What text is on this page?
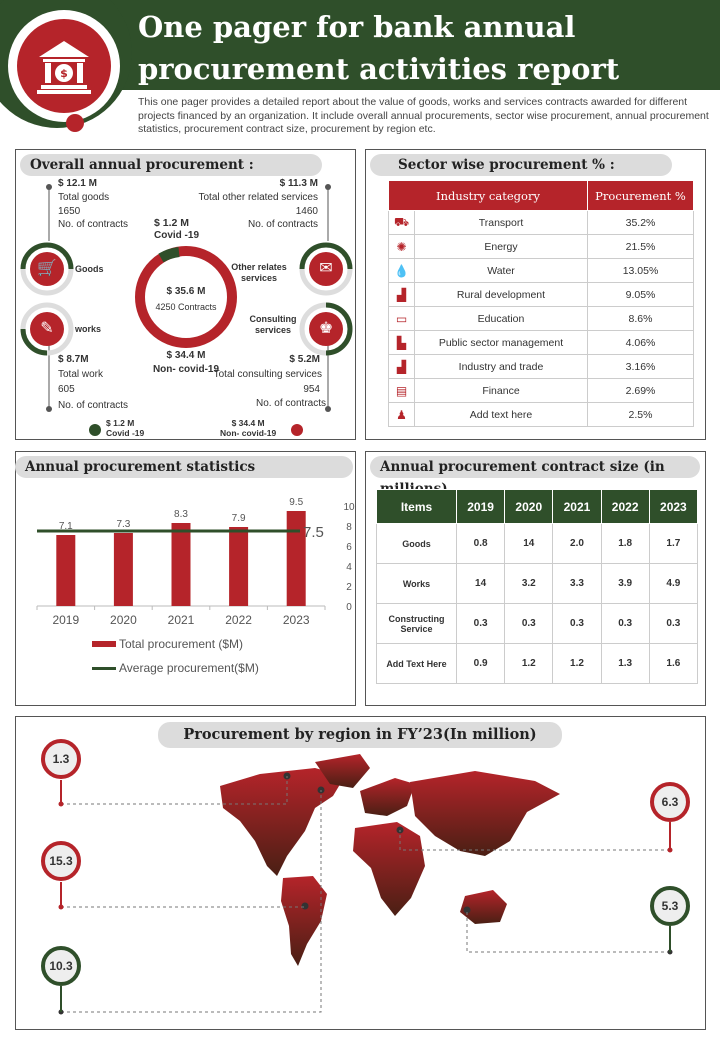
$
One pager for bank annual procurement activities report
This one pager provides a detailed report about the value of goods, works and services contracts awarded for different projects financed by an organization. It include overall annual procurements, sector wise procurement, annual procurement statistics, procurement contract size, procurement by region etc.
Overall annual procurement :
🛒
✎
✉
♚
$ 12.1 M
Total goods
1650
No. of contracts
Goods
$ 11.3 M
Total other related services
1460
No. of contracts
Other relates services
works
$ 8.7M
Total work
605
No. of contracts
Consulting services
$ 5.2M
Total consulting services
954
No. of contracts
$ 1.2 M
Covid -19
$ 35.6 M
4250 Contracts
$ 34.4 M
Non- covid-19
$ 1.2 M
Covid -19
$ 34.4 M
Non- covid-19
Sector wise procurement % :
Industry category		Procurement %
⛟	Transport	35.2%
✺	Energy	21.5%
💧	Water	13.05%
▟	Rural development	9.05%
▭	Education	8.6%
▙	Public sector management	4.06%
▟	Industry and trade	3.16%
▤	Finance	2.69%
♟	Add text here	2.5%
Annual procurement statistics
0
2
4
6
8
10
7.1
2019
7.3
2020
8.3
2021
7.9
2022
9.5
2023
7.5
Total procurement ($M)
Average procurement($M)
Annual procurement contract size (in
Items	2019	2020	2021	2022	2023
Goods	0.8	14	2.0	1.8	1.7
Works	14	3.2	3.3	3.9	4.9
Constructing Service	0.3	0.3	0.3	0.3	0.3
Add Text Here	0.9	1.2	1.2	1.3	1.6
Procurement by region in FY’23(In million)
1.3
15.3
10.3
6.3
5.3
